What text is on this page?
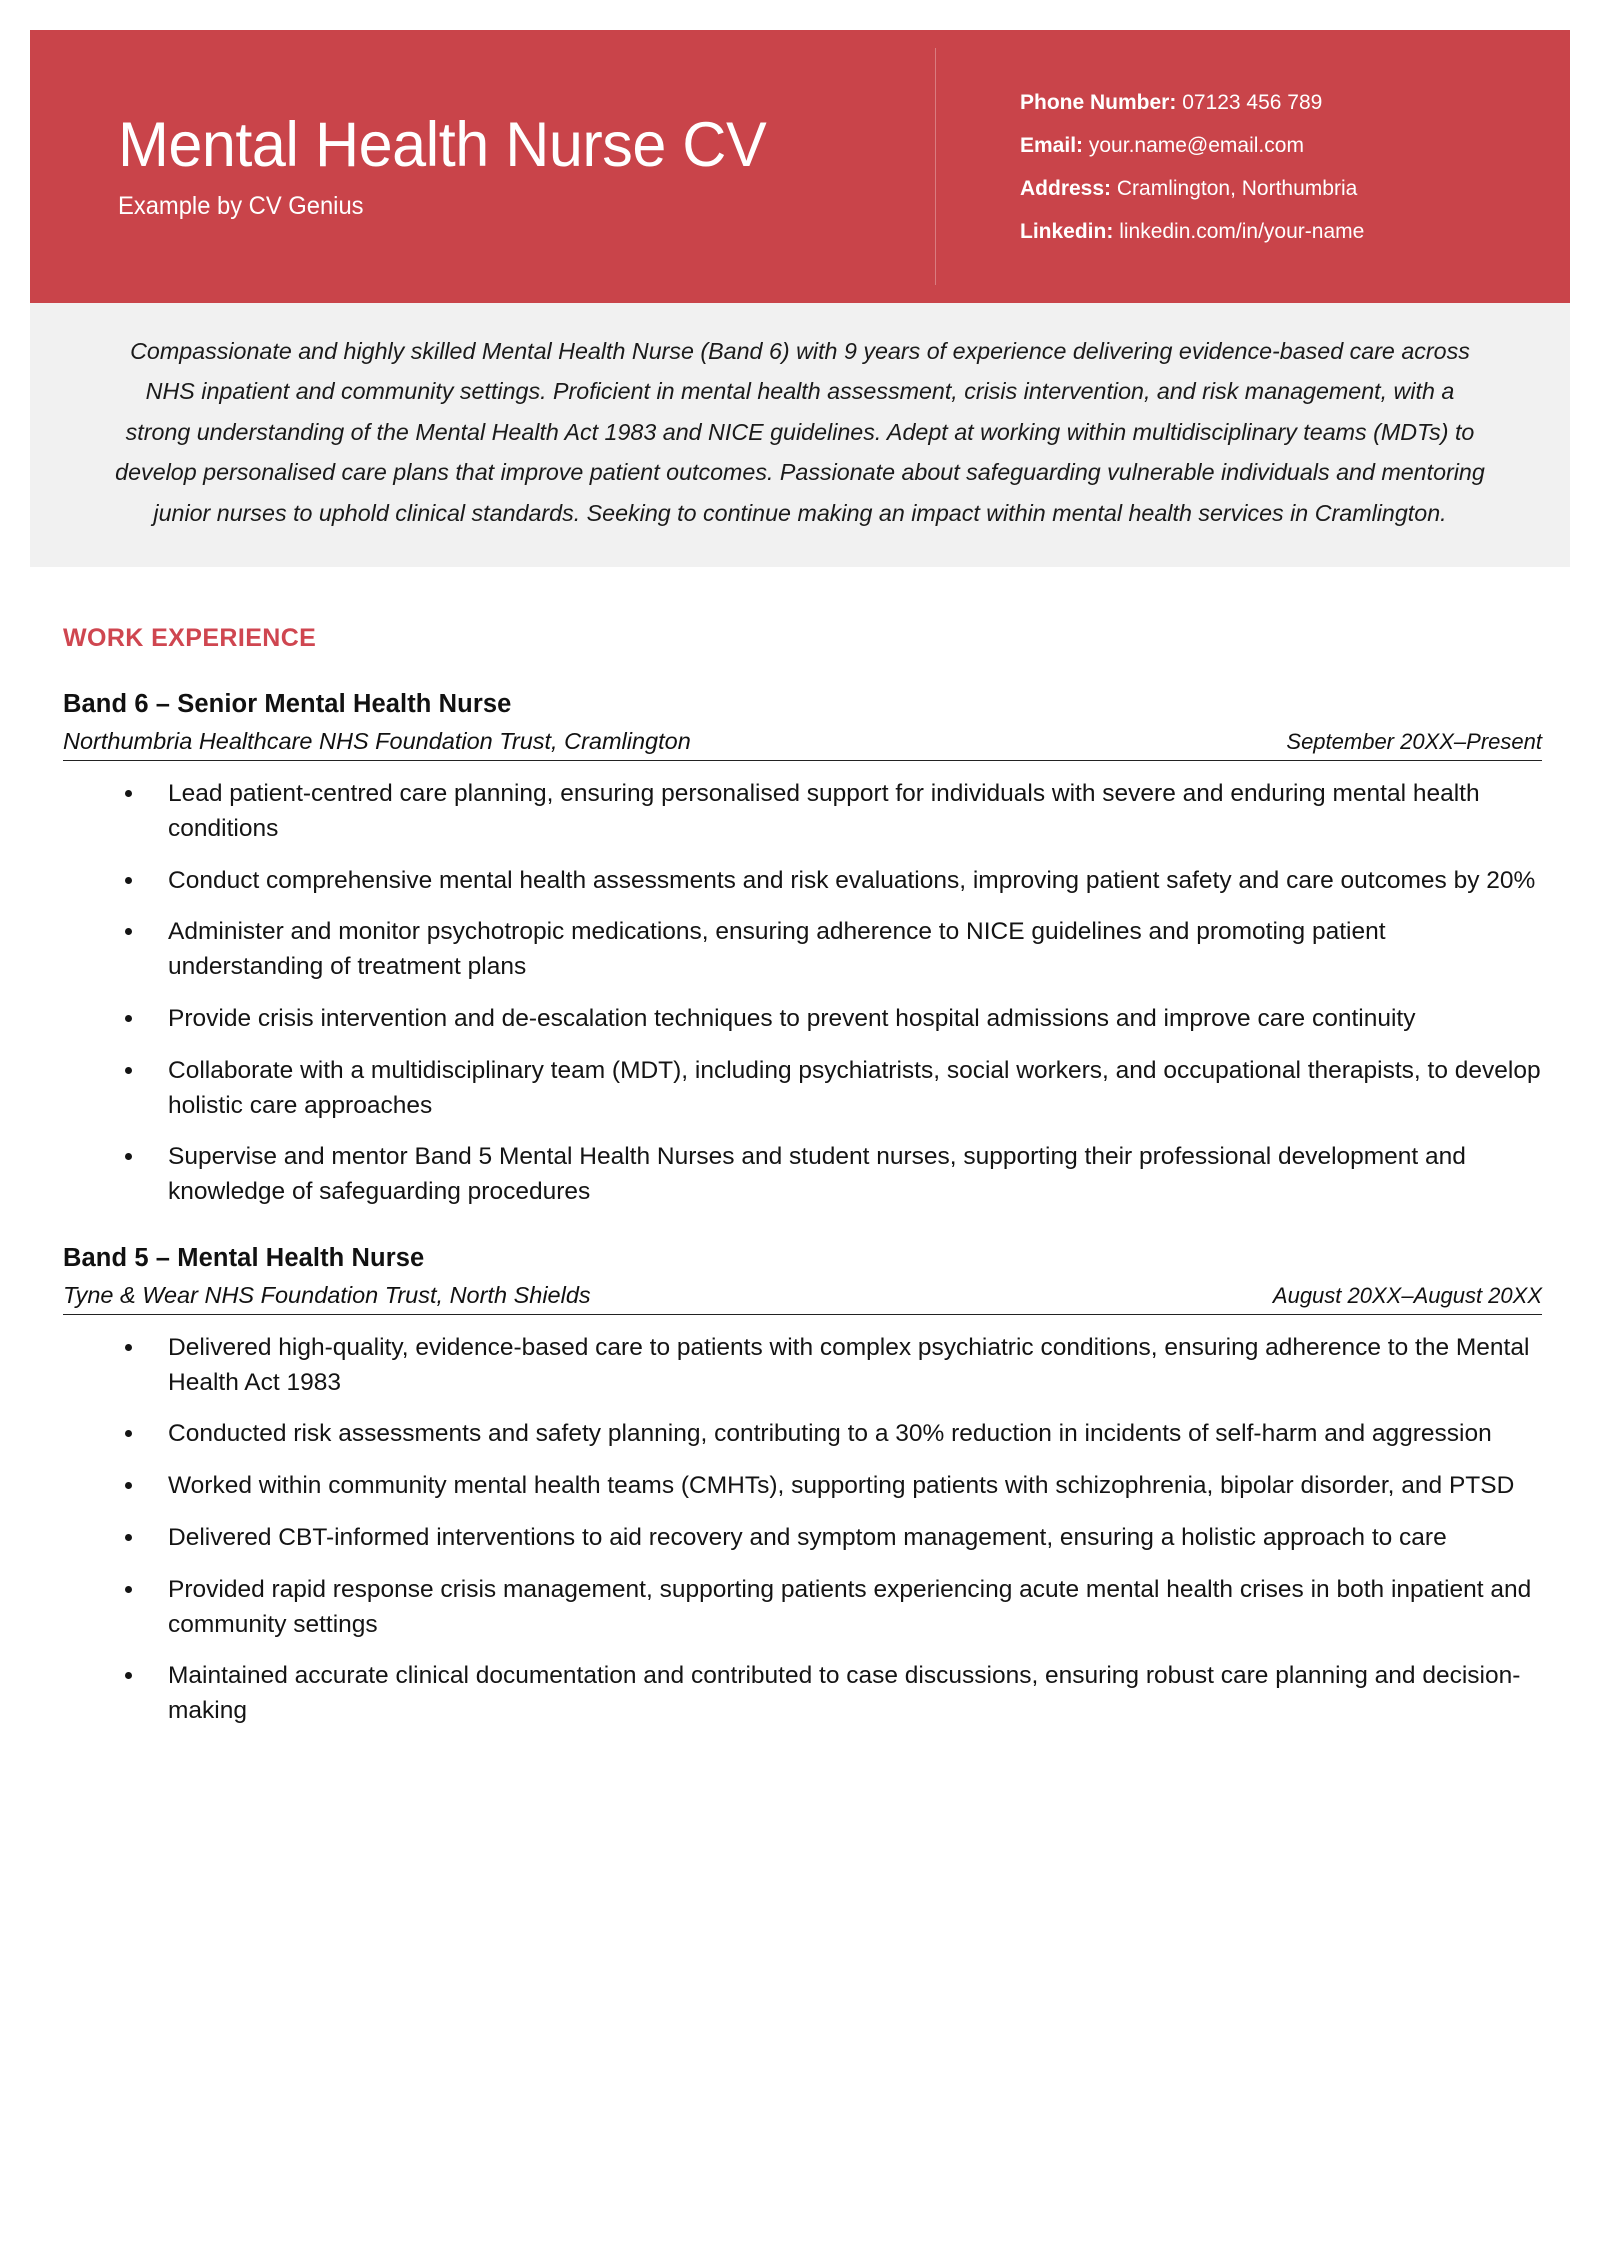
Mental Health Nurse CV
Example by CV Genius
Phone Number: 07123 456 789
Email: your.name@email.com
Address: Cramlington, Northumbria
Linkedin: linkedin.com/in/your-name

Compassionate and highly skilled Mental Health Nurse (Band 6) with 9 years of experience delivering evidence-based care across NHS inpatient and community settings. Proficient in mental health assessment, crisis intervention, and risk management, with a strong understanding of the Mental Health Act 1983 and NICE guidelines. Adept at working within multidisciplinary teams (MDTs) to develop personalised care plans that improve patient outcomes. Passionate about safeguarding vulnerable individuals and mentoring junior nurses to uphold clinical standards. Seeking to continue making an impact within mental health services in Cramlington.

WORK EXPERIENCE
Band 6 – Senior Mental Health Nurse
Northumbria Healthcare NHS Foundation Trust, Cramlington	September 20XX–Present
Lead patient-centred care planning, ensuring personalised support for individuals with severe and enduring mental health conditions
Conduct comprehensive mental health assessments and risk evaluations, improving patient safety and care outcomes by 20%
Administer and monitor psychotropic medications, ensuring adherence to NICE guidelines and promoting patient understanding of treatment plans
Provide crisis intervention and de-escalation techniques to prevent hospital admissions and improve care continuity
Collaborate with a multidisciplinary team (MDT), including psychiatrists, social workers, and occupational therapists, to develop holistic care approaches
Supervise and mentor Band 5 Mental Health Nurses and student nurses, supporting their professional development and knowledge of safeguarding procedures
Band 5 – Mental Health Nurse
Tyne & Wear NHS Foundation Trust, North Shields	August 20XX–August 20XX
Delivered high-quality, evidence-based care to patients with complex psychiatric conditions, ensuring adherence to the Mental Health Act 1983
Conducted risk assessments and safety planning, contributing to a 30% reduction in incidents of self-harm and aggression
Worked within community mental health teams (CMHTs), supporting patients with schizophrenia, bipolar disorder, and PTSD
Delivered CBT-informed interventions to aid recovery and symptom management, ensuring a holistic approach to care
Provided rapid response crisis management, supporting patients experiencing acute mental health crises in both inpatient and community settings
Maintained accurate clinical documentation and contributed to case discussions, ensuring robust care planning and decision-making
